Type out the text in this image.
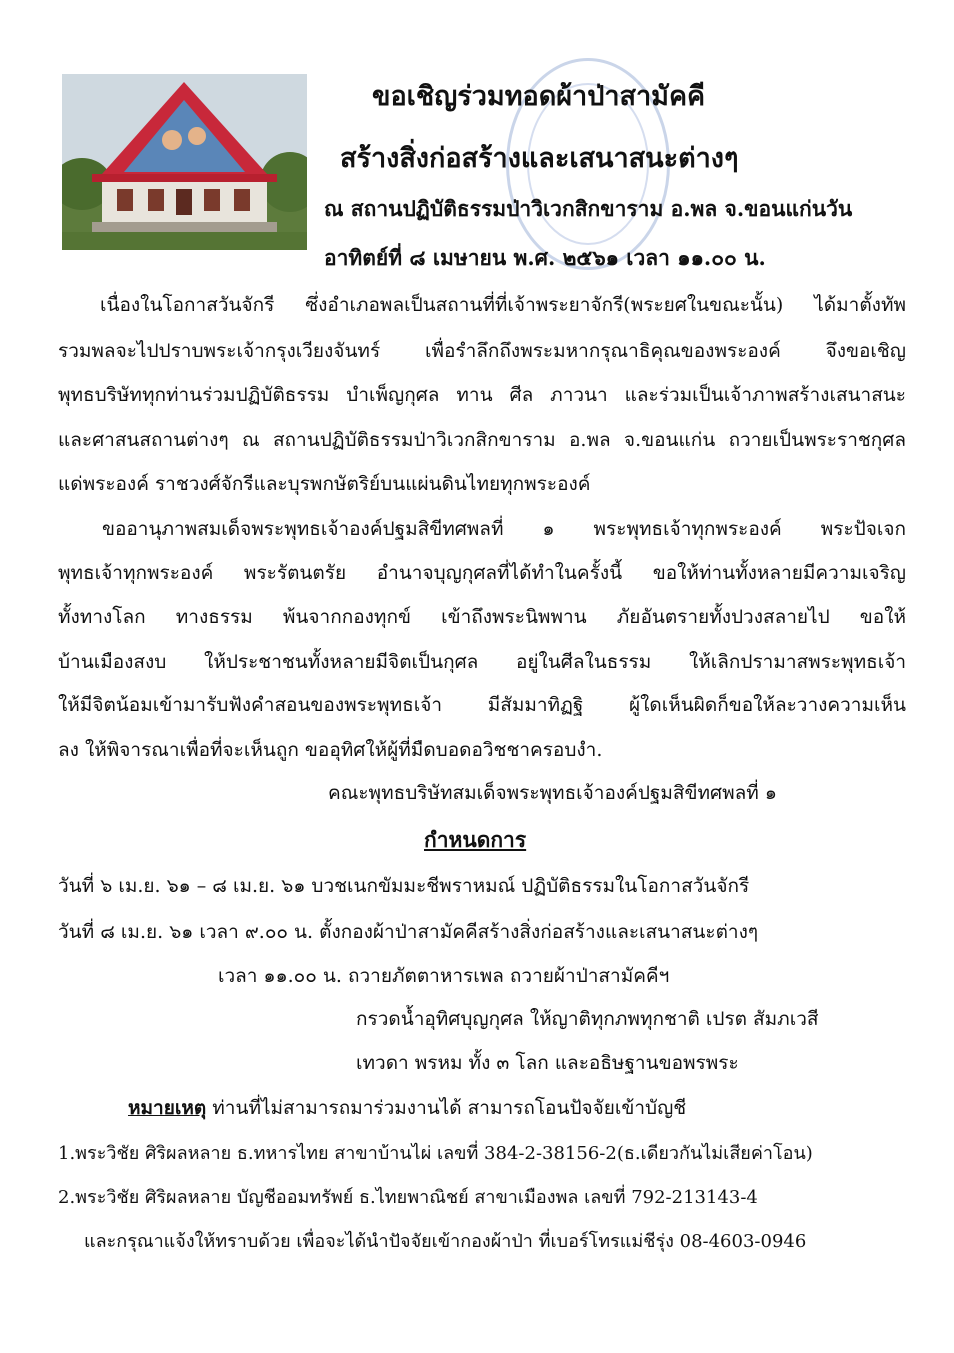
ขอเชิญร่วมทอดผ้าป่าสามัคคี
สร้างสิ่งก่อสร้างและเสนาสนะต่างๆ
ณ สถานปฏิบัติธรรมป่าวิเวกสิกขาราม อ.พล จ.ขอนแก่นวัน
อาทิตย์ที่ ๘ เมษายน พ.ศ. ๒๕๖๑ เวลา ๑๑.๐๐ น.
เนื่องในโอกาสวันจักรี ซึ่งอำเภอพลเป็นสถานที่ที่เจ้าพระยาจักรี(พระยศในขณะนั้น) ได้มาตั้งทัพ
รวมพลจะไปปราบพระเจ้ากรุงเวียงจันทร์ เพื่อรำลึกถึงพระมหากรุณาธิคุณของพระองค์ จึงขอเชิญ
พุทธบริษัททุกท่านร่วมปฏิบัติธรรม บำเพ็ญกุศล ทาน ศีล ภาวนา และร่วมเป็นเจ้าภาพสร้างเสนาสนะ
และศาสนสถานต่างๆ ณ สถานปฏิบัติธรรมป่าวิเวกสิกขาราม อ.พล จ.ขอนแก่น ถวายเป็นพระราชกุศล
แด่พระองค์ ราชวงศ์จักรีและบุรพกษัตริย์บนแผ่นดินไทยทุกพระองค์
ขออานุภาพสมเด็จพระพุทธเจ้าองค์ปฐมสิขีทศพลที่ ๑ พระพุทธเจ้าทุกพระองค์ พระปัจเจก
พุทธเจ้าทุกพระองค์ พระรัตนตรัย อำนาจบุญกุศลที่ได้ทำในครั้งนี้ ขอให้ท่านทั้งหลายมีความเจริญ
ทั้งทางโลก ทางธรรม พ้นจากกองทุกข์ เข้าถึงพระนิพพาน ภัยอันตรายทั้งปวงสลายไป ขอให้
บ้านเมืองสงบ ให้ประชาชนทั้งหลายมีจิตเป็นกุศล อยู่ในศีลในธรรม ให้เลิกปรามาสพระพุทธเจ้า
ให้มีจิตน้อมเข้ามารับฟังคำสอนของพระพุทธเจ้า มีสัมมาทิฏฐิ ผู้ใดเห็นผิดก็ขอให้ละวางความเห็น
ลง ให้พิจารณาเพื่อที่จะเห็นถูก ขออุทิศให้ผู้ที่มืดบอดอวิชชาครอบงำ.
คณะพุทธบริษัทสมเด็จพระพุทธเจ้าองค์ปฐมสิขีทศพลที่ ๑
กำหนดการ
วันที่ ๖ เม.ย. ๖๑ – ๘ เม.ย. ๖๑ บวชเนกขัมมะชีพราหมณ์ ปฏิบัติธรรมในโอกาสวันจักรี
วันที่ ๘ เม.ย. ๖๑ เวลา ๙.๐๐ น. ตั้งกองผ้าป่าสามัคคีสร้างสิ่งก่อสร้างและเสนาสนะต่างๆ
เวลา ๑๑.๐๐ น. ถวายภัตตาหารเพล ถวายผ้าป่าสามัคคีฯ
กรวดน้ำอุทิศบุญกุศล ให้ญาติทุกภพทุกชาติ เปรต สัมภเวสี
เทวดา พรหม ทั้ง ๓ โลก และอธิษฐานขอพรพระ
หมายเหตุ ท่านที่ไม่สามารถมาร่วมงานได้ สามารถโอนปัจจัยเข้าบัญชี
1.พระวิชัย ศิริผลหลาย ธ.ทหารไทย สาขาบ้านไผ่ เลขที่ 384-2-38156-2(ธ.เดียวกันไม่เสียค่าโอน)
2.พระวิชัย ศิริผลหลาย บัญชีออมทรัพย์ ธ.ไทยพาณิชย์ สาขาเมืองพล เลขที่ 792-213143-4
และกรุณาแจ้งให้ทราบด้วย เพื่อจะได้นำปัจจัยเข้ากองผ้าป่า ที่เบอร์โทรแม่ชีรุ่ง 08-4603-0946
